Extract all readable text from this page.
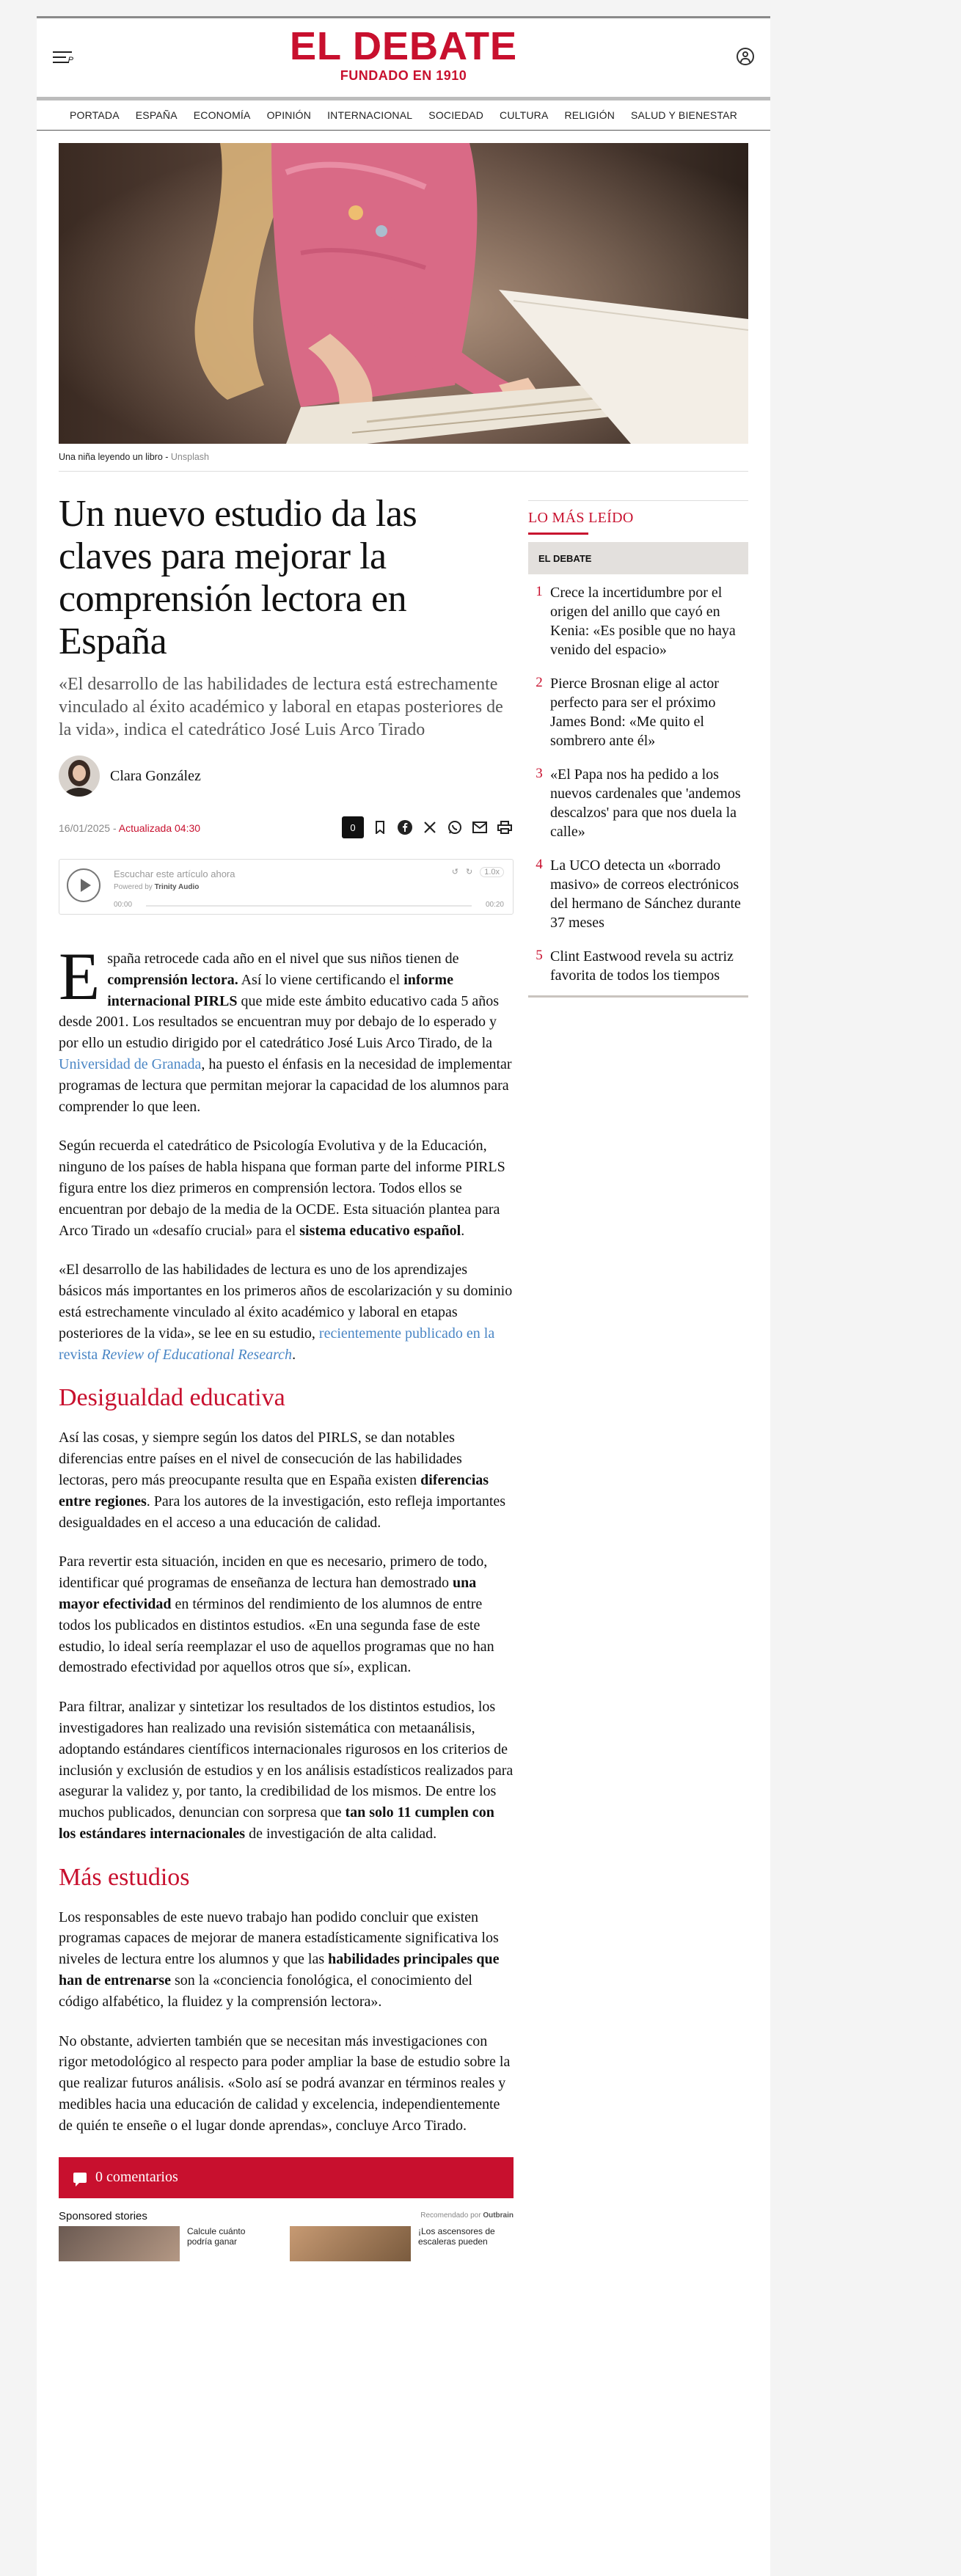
P	EL DEBATE
FUNDADO EN 1910
PORTADA ESPAÑA ECONOMÍA OPINIÓN INTERNACIONAL SOCIEDAD CULTURA RELIGIÓN SALUD Y BIENESTAR
Una niña leyendo un libro - Unsplash
Un nuevo estudio da las claves para mejorar la comprensión lectora en España

«El desarrollo de las habilidades de lectura está estrechamente vinculado al éxito académico y laboral en etapas posteriores de la vida», indica el catedrático José Luis Arco Tirado

Clara González
16/01/2025 - Actualizada 04:30	0
Escuchar este artículo ahora
Powered by Trinity Audio
↺ ↻	1.0x
00:00	00:20

España retrocede cada año en el nivel que sus niños tienen de comprensión lectora. Así lo viene certificando el informe internacional PIRLS que mide este ámbito educativo cada 5 años desde 2001. Los resultados se encuentran muy por debajo de lo esperado y por ello un estudio dirigido por el catedrático José Luis Arco Tirado, de la Universidad de Granada, ha puesto el énfasis en la necesidad de implementar programas de lectura que permitan mejorar la capacidad de los alumnos para comprender lo que leen.

Según recuerda el catedrático de Psicología Evolutiva y de la Educación, ninguno de los países de habla hispana que forman parte del informe PIRLS figura entre los diez primeros en comprensión lectora. Todos ellos se encuentran por debajo de la media de la OCDE. Esta situación plantea para Arco Tirado un «desafío crucial» para el sistema educativo español.

«El desarrollo de las habilidades de lectura es uno de los aprendizajes básicos más importantes en los primeros años de escolarización y su dominio está estrechamente vinculado al éxito académico y laboral en etapas posteriores de la vida», se lee en su estudio, recientemente publicado en la revista Review of Educational Research.

Desigualdad educativa

Así las cosas, y siempre según los datos del PIRLS, se dan notables diferencias entre países en el nivel de consecución de las habilidades lectoras, pero más preocupante resulta que en España existen diferencias entre regiones. Para los autores de la investigación, esto refleja importantes desigualdades en el acceso a una educación de calidad.

Para revertir esta situación, inciden en que es necesario, primero de todo, identificar qué programas de enseñanza de lectura han demostrado una mayor efectividad en términos del rendimiento de los alumnos de entre todos los publicados en distintos estudios. «En una segunda fase de este estudio, lo ideal sería reemplazar el uso de aquellos programas que no han demostrado efectividad por aquellos otros que sí», explican.

Para filtrar, analizar y sintetizar los resultados de los distintos estudios, los investigadores han realizado una revisión sistemática con metaanálisis, adoptando estándares científicos internacionales rigurosos en los criterios de inclusión y exclusión de estudios y en los análisis estadísticos realizados para asegurar la validez y, por tanto, la credibilidad de los mismos. De entre los muchos publicados, denuncian con sorpresa que tan solo 11 cumplen con los estándares internacionales de investigación de alta calidad.

Más estudios

Los responsables de este nuevo trabajo han podido concluir que existen programas capaces de mejorar de manera estadísticamente significativa los niveles de lectura entre los alumnos y que las habilidades principales que han de entrenarse son la «conciencia fonológica, el conocimiento del código alfabético, la fluidez y la comprensión lectora».

No obstante, advierten también que se necesitan más investigaciones con rigor metodológico al respecto para poder ampliar la base de estudio sobre la que realizar futuros análisis. «Solo así se podrá avanzar en términos reales y medibles hacia una educación de calidad y excelencia, independientemente de quién te enseñe o el lugar donde aprendas», concluye Arco Tirado.

0 comentarios
Sponsored stories	Recomendado por Outbrain
Calcule cuánto podría ganar
¡Los ascensores de escaleras pueden
LO MÁS LEÍDO
EL DEBATE
1 Crece la incertidumbre por el origen del anillo que cayó en Kenia: «Es posible que no haya venido del espacio»
2 Pierce Brosnan elige al actor perfecto para ser el próximo James Bond: «Me quito el sombrero ante él»
3 «El Papa nos ha pedido a los nuevos cardenales que 'andemos descalzos' para que nos duela la calle»
4 La UCO detecta un «borrado masivo» de correos electrónicos del hermano de Sánchez durante 37 meses
5 Clint Eastwood revela su actriz favorita de todos los tiempos
